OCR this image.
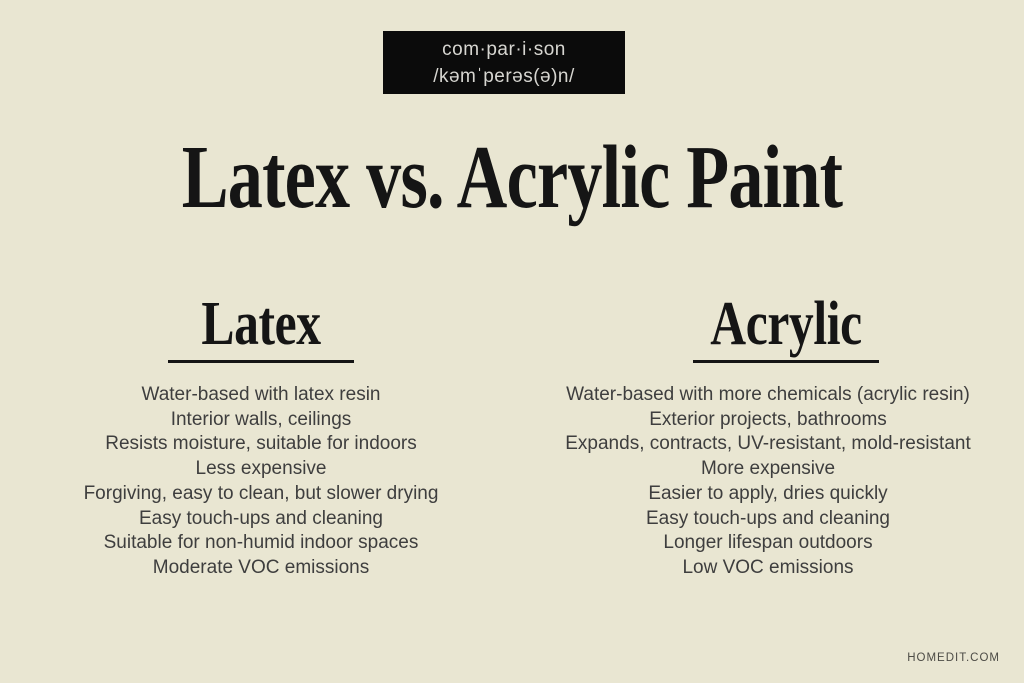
com·par·i·son
/kəmˈperəs(ə)n/
Latex vs. Acrylic Paint
Latex
Water-based with latex resin
Interior walls, ceilings
Resists moisture, suitable for indoors
Less expensive
Forgiving, easy to clean, but slower drying
Easy touch-ups and cleaning
Suitable for non-humid indoor spaces
Moderate VOC emissions
Acrylic
Water-based with more chemicals (acrylic resin)
Exterior projects, bathrooms
Expands, contracts, UV-resistant, mold-resistant
More expensive
Easier to apply, dries quickly
Easy touch-ups and cleaning
Longer lifespan outdoors
Low VOC emissions
HOMEDIT.COM
